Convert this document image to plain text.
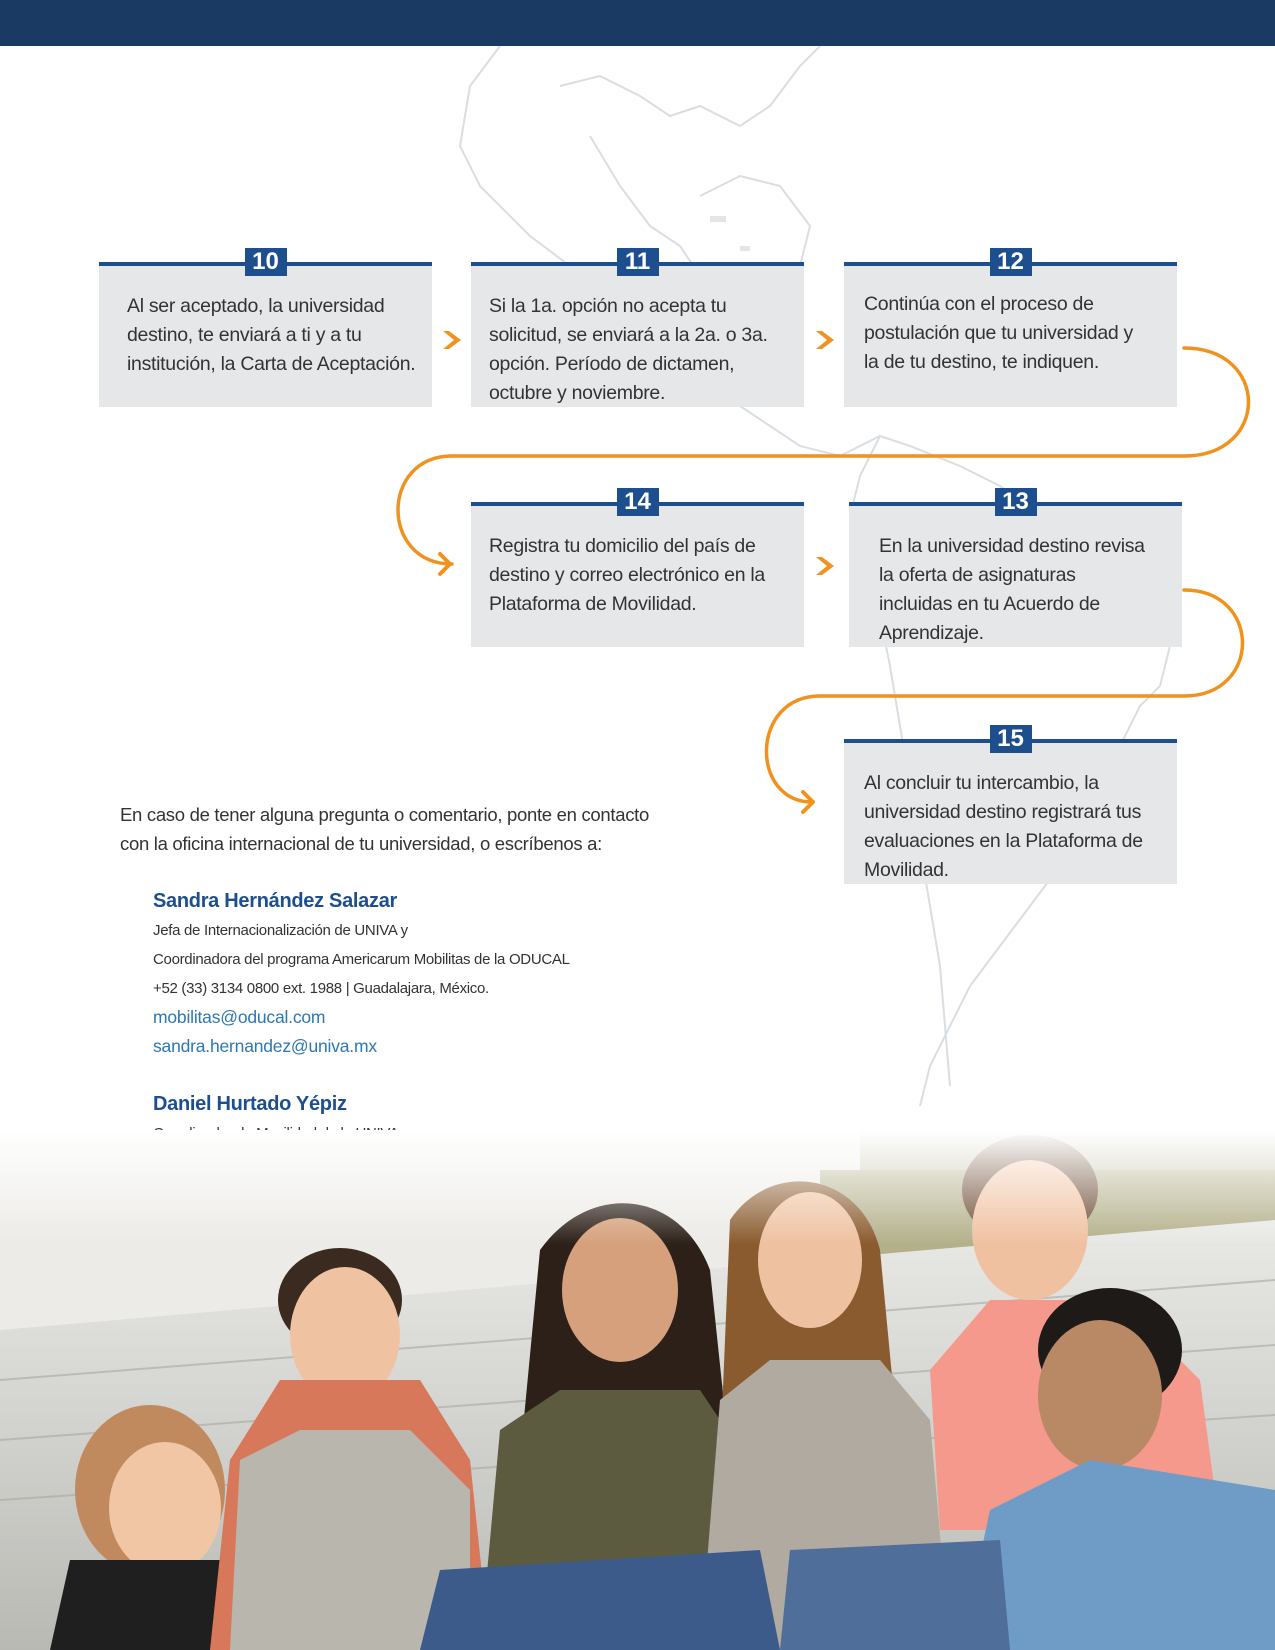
10
Al ser aceptado, la universidad destino, te enviará a ti y a tu institución, la Carta de Aceptación.
11
Si la 1a. opción no acepta tu solicitud, se enviará a la 2a. o 3a. opción. Período de dictamen, octubre y noviembre.
12
Continúa con el proceso de postulación que tu universidad y la de tu destino, te indiquen.
14
Registra tu domicilio del país de destino y correo electrónico en la Plataforma de Movilidad.
13
En la universidad destino revisa la oferta de asignaturas incluidas en tu Acuerdo de Aprendizaje.
15
Al concluir tu intercambio, la universidad destino registrará tus evaluaciones en la Plataforma de Movilidad.
En caso de tener alguna pregunta o comentario, ponte en contacto con la oficina internacional de tu universidad, o escríbenos a:
Sandra Hernández Salazar
Jefa de Internacionalización de UNIVA y
Coordinadora del programa Americarum Mobilitas de la ODUCAL
+52 (33) 3134 0800 ext. 1988 | Guadalajara, México.
mobilitas@oducal.com
sandra.hernandez@univa.mx
Daniel Hurtado Yépiz
